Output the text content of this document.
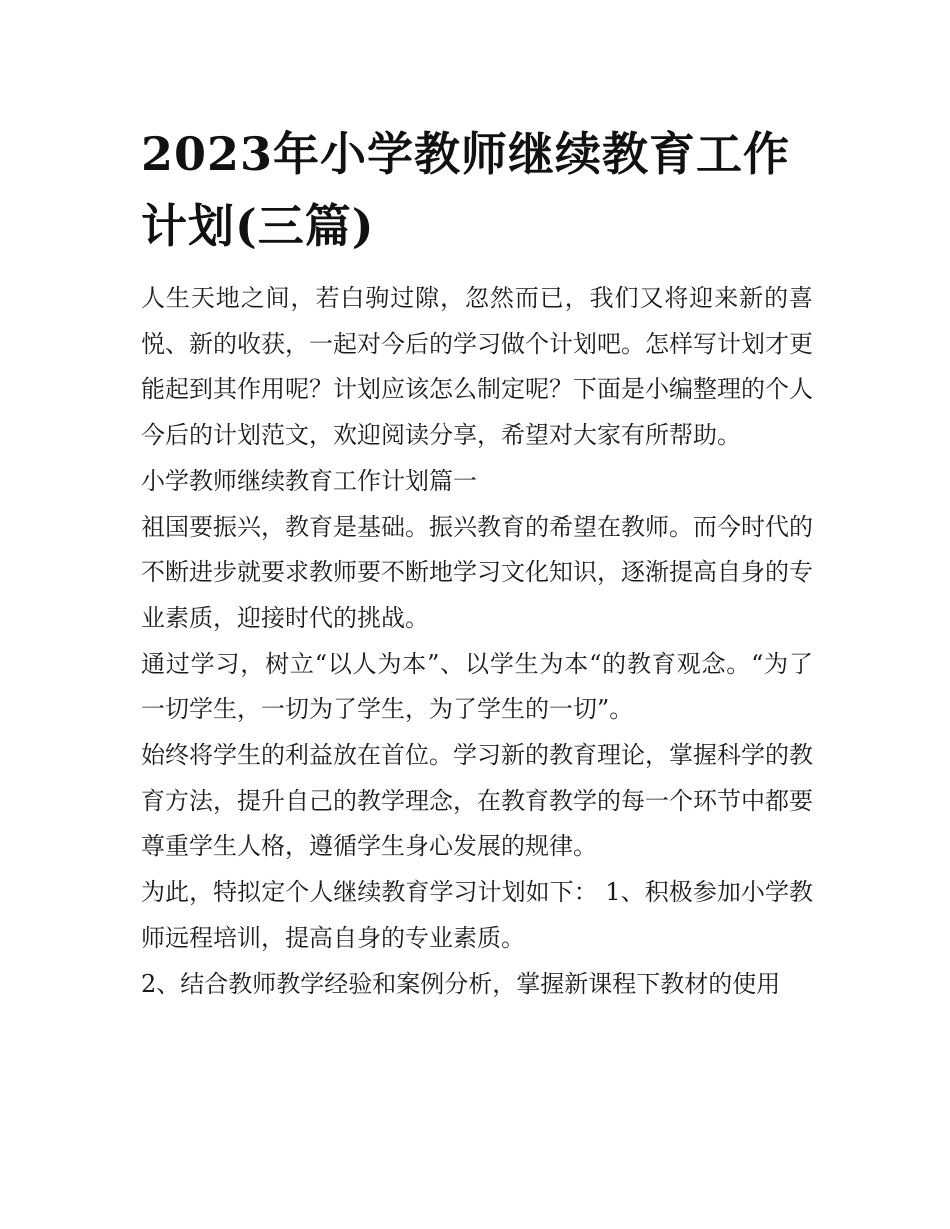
2023年小学教师继续教育工作计划(三篇)

人生天地之间，若白驹过隙，忽然而已，我们又将迎来新的喜悦、新的收获，一起对今后的学习做个计划吧。怎样写计划才更能起到其作用呢？计划应该怎么制定呢？下面是小编整理的个人今后的计划范文，欢迎阅读分享，希望对大家有所帮助。

小学教师继续教育工作计划篇一

祖国要振兴，教育是基础。振兴教育的希望在教师。而今时代的不断进步就要求教师要不断地学习文化知识，逐渐提高自身的专业素质，迎接时代的挑战。

通过学习，树立“以人为本”、以学生为本“的教育观念。“为了一切学生，一切为了学生，为了学生的一切”。

始终将学生的利益放在首位。学习新的教育理论，掌握科学的教育方法，提升自己的教学理念，在教育教学的每一个环节中都要尊重学生人格，遵循学生身心发展的规律。

为此，特拟定个人继续教育学习计划如下： 1、积极参加小学教师远程培训，提高自身的专业素质。

2、结合教师教学经验和案例分析，掌握新课程下教材的使用
